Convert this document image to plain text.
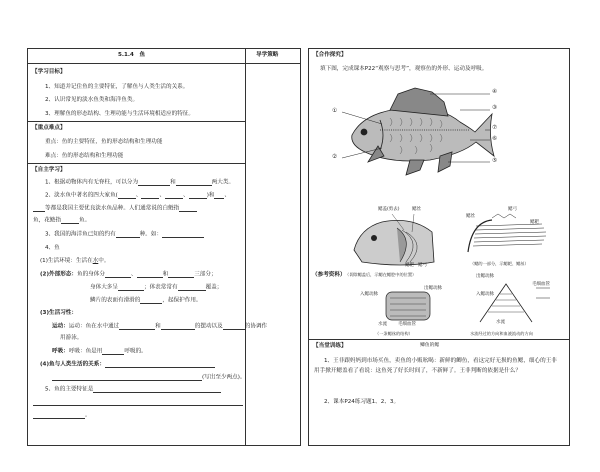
5.1.4　鱼	导学策略
【学习目标】
1、知道并记住鱼的主要特征，了解鱼与人类生活的关系。
2、认识常见的淡水鱼类和海洋鱼类。
3、理解鱼的形态结构、生理功能与生活环境相适应的特征。
【重点难点】
重点：鱼的主要特征，鱼的形态结构和生理功能
难点：鱼的形态结构和生理功能
【自主学习】
1、根据动物体内有无脊柱，可以分为	和	两大类。
2、淡水鱼中著名的四大家鱼(	、	、	、	)和 、
等都是我国主要优良淡水鱼品种。人们通常说的白鲢指
鱼，花鲢指	鱼。
3、我国的海洋鱼已知的约有	种。如：
4、鱼
(1)生活环境：生活在水中。
(2)外部形态：鱼的身体分	、	和	三部分；
身体大多呈	；体表常常有	覆盖；
鳞片的表面有滑滑的	，起保护作用。
(3)生活习性：
运动：运动：鱼在水中通过	和	的摆动以及	的协调作
用游泳。
呼吸：呼吸：鱼是用	呼吸的。
(4)鱼与人类生活的关系：
(写出至少两点)。
5、鱼的主要特征是
。
【合作探究】
填下图，完成课本P22“观察与思考”，观察鱼的外形、运动及呼吸。
④
③
⑦
⑥
⑤
①
②
鳃盖(剪去)	鳃丝
鳃耙 鳃弓
（切除鳃盖后，示鳃在鳃腔中的位置）
（参考资料）
鳃丝
鳃弓
鳃耙
（鳃的一部分，示鳃耙、鳃丝）
入鳃动脉
出鳃动脉
水流 毛细血管
（一条鳃丝的结构）
出鳃动脉
毛细血管
入鳃动脉
水流
水流经过的方向和血液流动的方向
【当堂训练】	鲫鱼的鳃
1、王非跟妈妈到市场买鱼，卖鱼的小贩吆喝：新鲜的鲫鱼，看这完好无损的鱼鳃，细心的王非用手掀开鳃盖看了看说：这鱼死了好长时间了，不新鲜了。王非判断的依据是什么？
2、课本P24练习题1、2、3。
